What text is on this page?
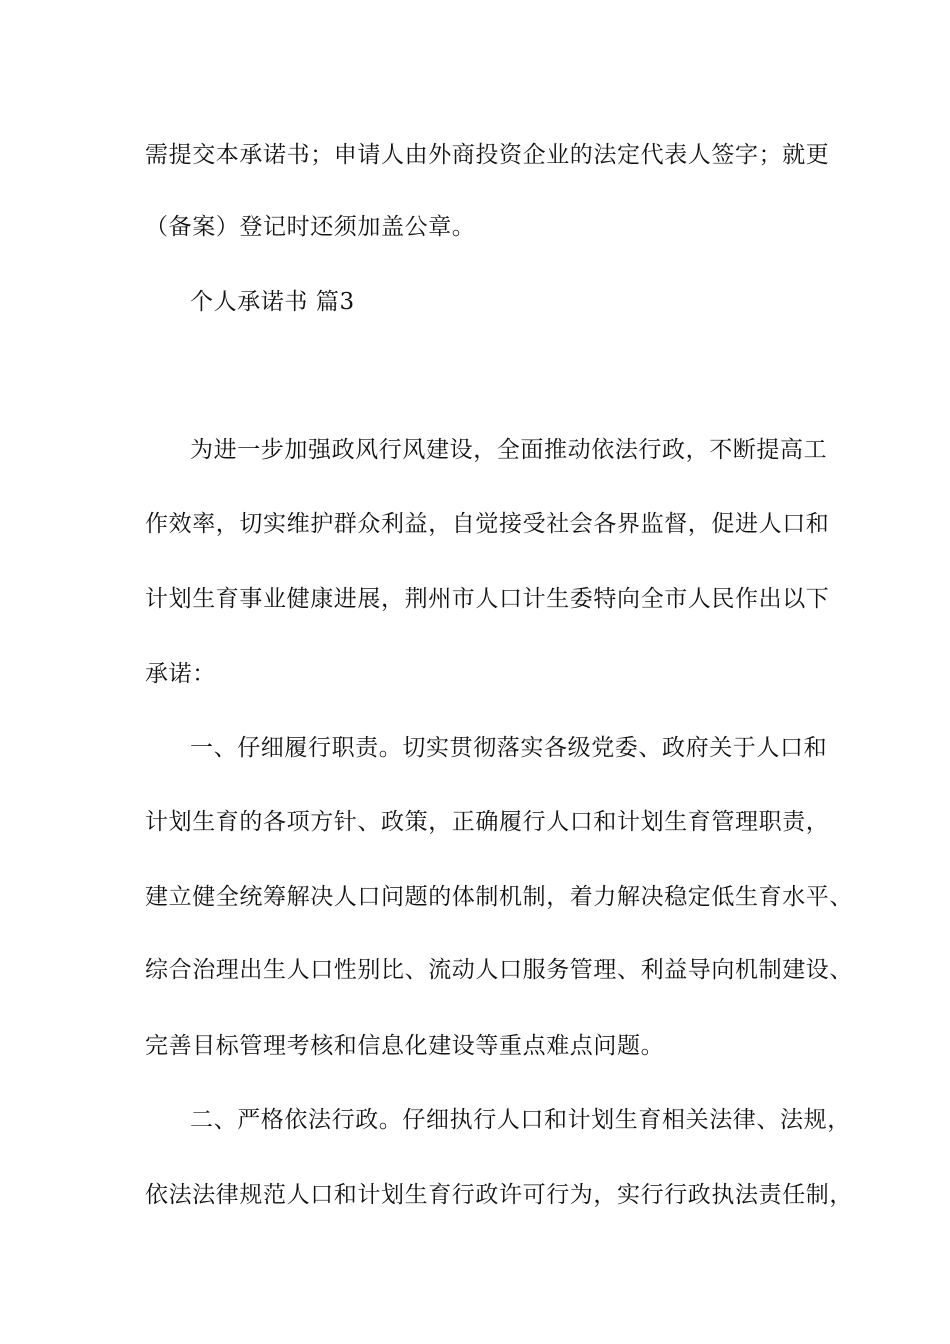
需提交本承诺书；申请人由外商投资企业的法定代表人签字；就更
（备案）登记时还须加盖公章。
个人承诺书 篇3
为进一步加强政风行风建设，全面推动依法行政，不断提高工
作效率，切实维护群众利益，自觉接受社会各界监督，促进人口和
计划生育事业健康进展，荆州市人口计生委特向全市人民作出以下
承诺：
一、仔细履行职责。切实贯彻落实各级党委、政府关于人口和
计划生育的各项方针、政策，正确履行人口和计划生育管理职责，
建立健全统筹解决人口问题的体制机制，着力解决稳定低生育水平、
综合治理出生人口性别比、流动人口服务管理、利益导向机制建设、
完善目标管理考核和信息化建设等重点难点问题。
二、严格依法行政。仔细执行人口和计划生育相关法律、法规，
依法法律规范人口和计划生育行政许可行为，实行行政执法责任制，
